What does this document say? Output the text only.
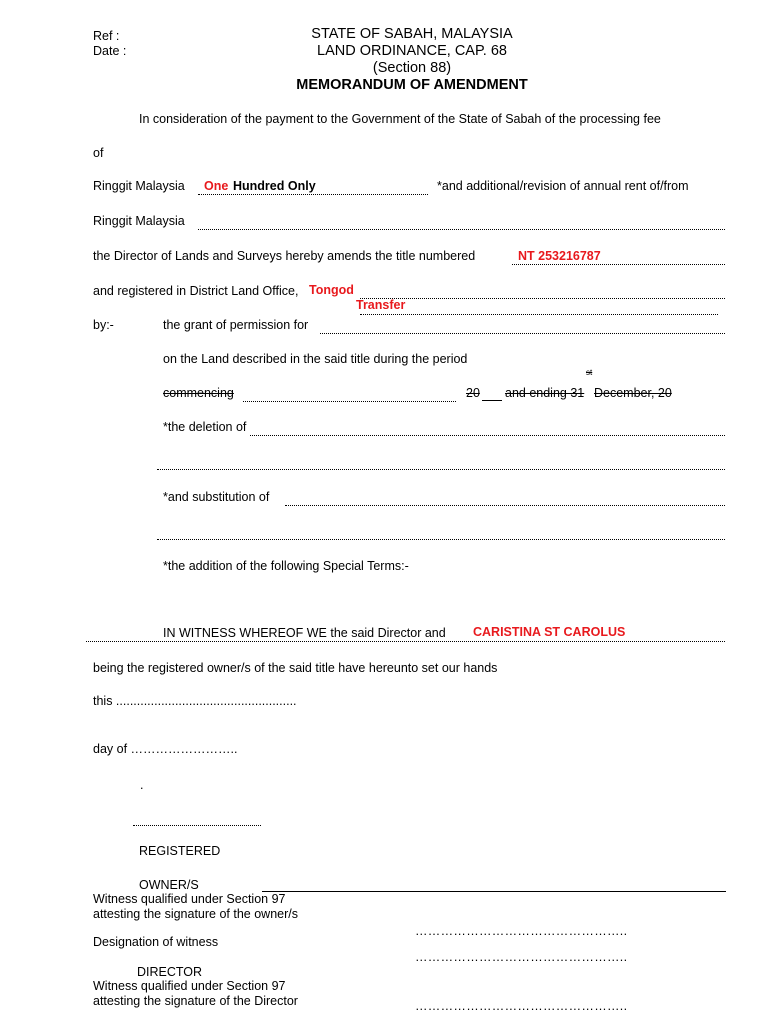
Ref :
Date :
STATE OF SABAH, MALAYSIA
LAND ORDINANCE, CAP. 68
(Section 88)
MEMORANDUM OF AMENDMENT
In consideration of the payment to the Government of the State of Sabah of the processing fee
of
Ringgit Malaysia One Hundred Only	*and additional/revision of annual rent of/from
Ringgit Malaysia
the Director of Lands and Surveys hereby amends the title numbered	NT 253216787
and registered in District Land Office, Tongod
Transfer
by:-	the grant of permission for
on the Land described in the said title during the period
commencing	20 and ending 31
st
December, 20
*the deletion of
*and substitution of
*the addition of the following Special Terms:-
IN WITNESS WHEREOF WE the said Director and CARISTINA ST CAROLUS
being the registered owner/s of the said title have hereunto set our hands
this ....................................................
day of ……………………..
.
REGISTERED
OWNER/S
Witness qualified under Section 97
attesting the signature of the owner/s
…………………………………………..
Designation of witness
…………………………………………..
DIRECTOR
Witness qualified under Section 97
attesting the signature of the Director	…………………………………………..
